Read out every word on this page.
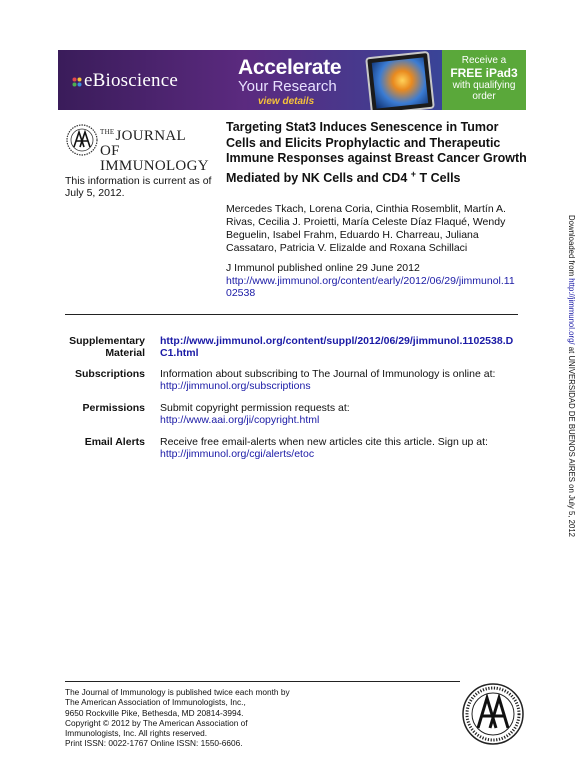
eBioscience
Accelerate
Your Research
view details
Receive a
FREE iPad3
with qualifying
order
$^{THE}$JOURNAL OF
IMMUNOLOGY
This information is current as of July 5, 2012.
Targeting Stat3 Induces Senescence in Tumor Cells and Elicits Prophylactic and Therapeutic Immune Responses against Breast Cancer Growth Mediated by NK Cells and CD4 + T Cells
Mercedes Tkach, Lorena Coria, Cinthia Rosemblit, Martín A. Rivas, Cecilia J. Proietti, María Celeste Díaz Flaqué, Wendy Beguelin, Isabel Frahm, Eduardo H. Charreau, Juliana Cassataro, Patricia V. Elizalde and Roxana Schillaci
J Immunol published online 29 June 2012
http://www.jimmunol.org/content/early/2012/06/29/jimmunol.1102538
Supplementary Material
http://www.jimmunol.org/content/suppl/2012/06/29/jimmunol.1102538.DC1.html
Subscriptions Information about subscribing to The Journal of Immunology is online at:
http://jimmunol.org/subscriptions
Permissions Submit copyright permission requests at:
http://www.aai.org/ji/copyright.html
Email Alerts Receive free email-alerts when new articles cite this article. Sign up at:
http://jimmunol.org/cgi/alerts/etoc
The Journal of Immunology is published twice each month by
The American Association of Immunologists, Inc.,
9650 Rockville Pike, Bethesda, MD 20814-3994.
Copyright © 2012 by The American Association of
Immunologists, Inc. All rights reserved.
Print ISSN: 0022-1767 Online ISSN: 1550-6606.
Downloaded from http://jimmunol.org/ at UNIVERSIDAD DE BUENOS AIRES on July 5, 2012
